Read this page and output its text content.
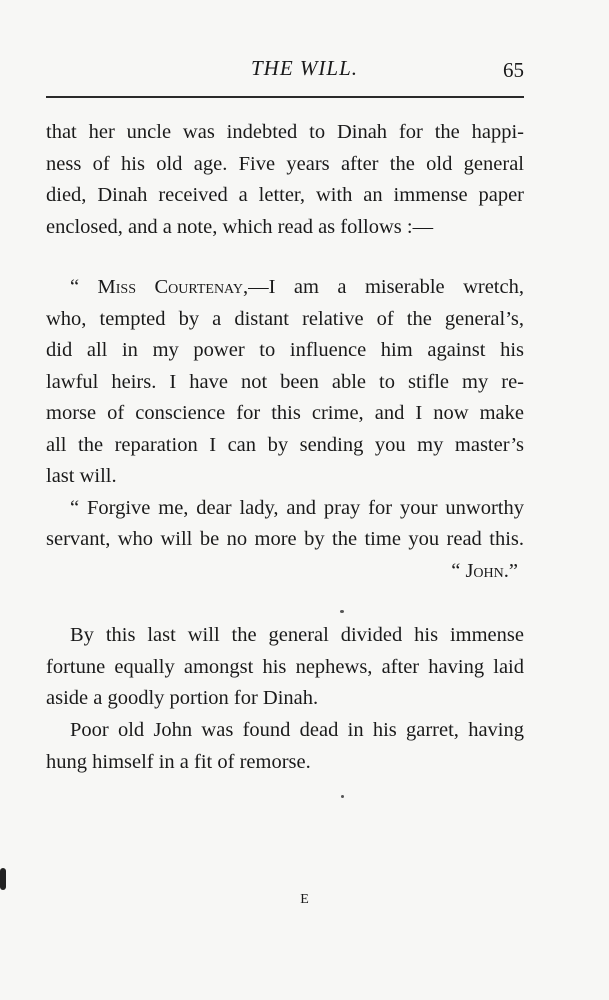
THE WILL.	65
that her uncle was indebted to Dinah for the happi-
ness of his old age. Five years after the old general
died, Dinah received a letter, with an immense paper
enclosed, and a note, which read as follows :—
“ Miss Courtenay,—I am a miserable wretch,
who, tempted by a distant relative of the general’s,
did all in my power to influence him against his
lawful heirs. I have not been able to stifle my re-
morse of conscience for this crime, and I now make
all the reparation I can by sending you my master’s
last will.
“ Forgive me, dear lady, and pray for your unworthy
servant, who will be no more by the time you read this.
“ John.”
By this last will the general divided his immense
fortune equally amongst his nephews, after having laid
aside a goodly portion for Dinah.
Poor old John was found dead in his garret, having
hung himself in a fit of remorse.
E
